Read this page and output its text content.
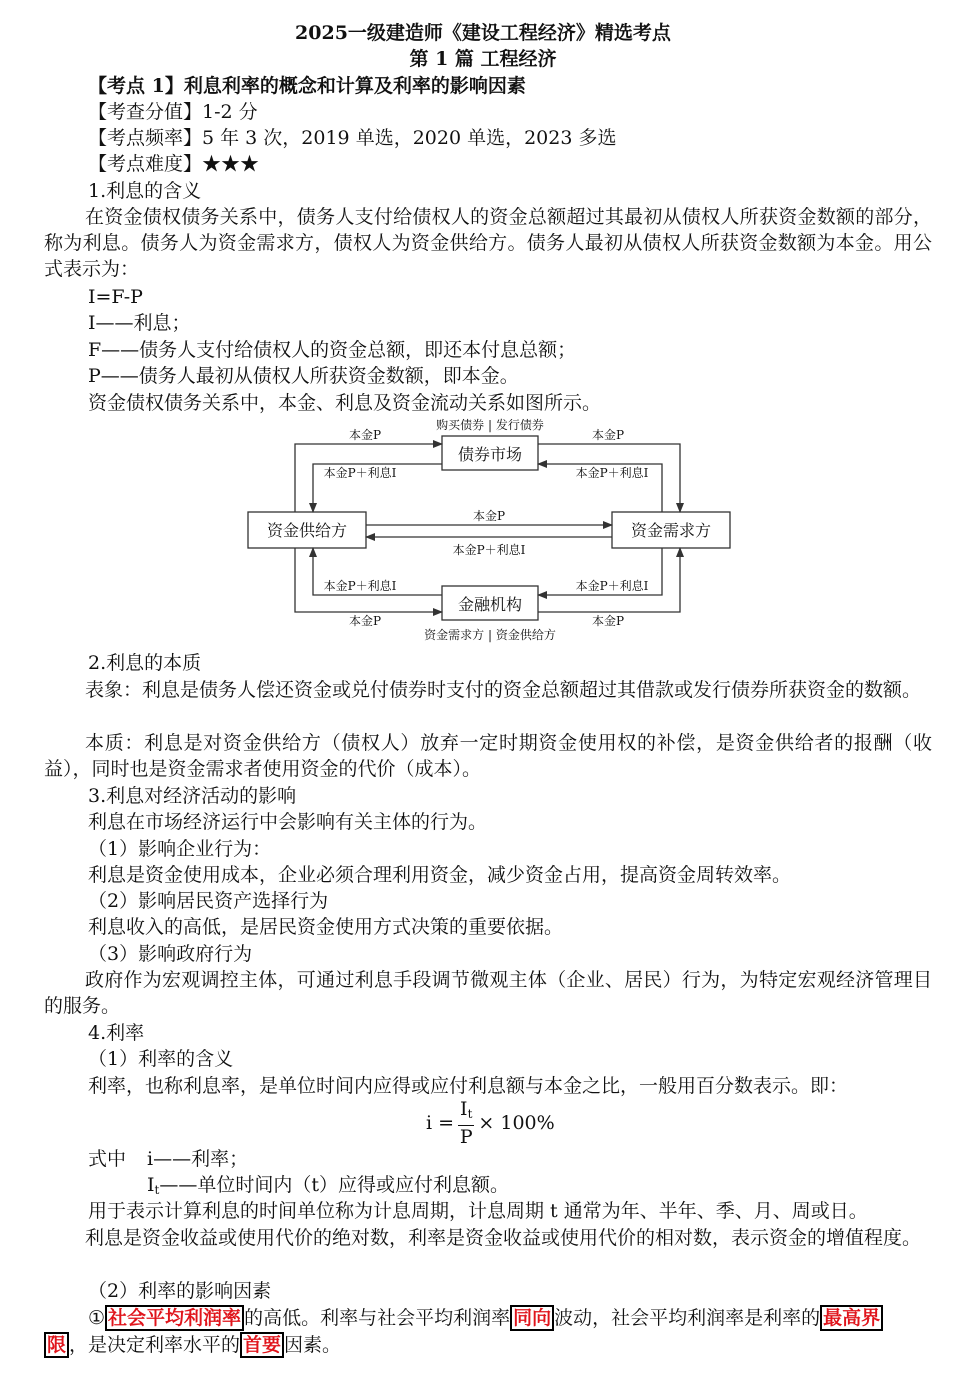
2025一级建造师《建设工程经济》精选考点
第 1 篇 工程经济
【考点 1】利息利率的概念和计算及利率的影响因素
【考查分值】1-2 分
【考点频率】5 年 3 次，2019 单选，2020 单选，2023 多选
【考点难度】★★★
1.利息的含义
在资金债权债务关系中，债务人支付给债权人的资金总额超过其最初从债权人所获资金数额的部分，称为利息。债务人为资金需求方，债权人为资金供给方。债务人最初从债权人所获资金数额为本金。用公式表示为：
I=F-P
I——利息；
F——债务人支付给债权人的资金总额，即还本付息总额；
P——债务人最初从债权人所获资金数额，即本金。
资金债权债务关系中，本金、利息及资金流动关系如图所示。
债券市场
资金供给方	资金需求方
金融机构
购买债券 | 发行债券
本金P
本金P＋利息I
本金P
本金P＋利息I
本金P
本金P＋利息I
本金P＋利息I
本金P
本金P＋利息I
本金P
资金需求方 | 资金供给方
2.利息的本质
表象：利息是债务人偿还资金或兑付债券时支付的资金总额超过其借款或发行债券所获资金的数额。
本质：利息是对资金供给方（债权人）放弃一定时期资金使用权的补偿，是资金供给者的报酬（收益），同时也是资金需求者使用资金的代价（成本）。
3.利息对经济活动的影响
利息在市场经济运行中会影响有关主体的行为。
（1）影响企业行为：
利息是资金使用成本，企业必须合理利用资金，减少资金占用，提高资金周转效率。
（2）影响居民资产选择行为
利息收入的高低，是居民资金使用方式决策的重要依据。
（3）影响政府行为
政府作为宏观调控主体，可通过利息手段调节微观主体（企业、居民）行为，为特定宏观经济管理目的服务。
4.利率
（1）利率的含义
利率，也称利息率，是单位时间内应得或应付利息额与本金之比，一般用百分数表示。即：
$i = \frac{I_t}{P} \times 100\%$
式中 i——利率；
$I_t——$单位时间内（t）应得或应付利息额。
用于表示计算利息的时间单位称为计息周期，计息周期 t 通常为年、半年、季、月、周或日。
利息是资金收益或使用代价的绝对数，利率是资金收益或使用代价的相对数，表示资金的增值程度。
（2）利率的影响因素
① 社会平均利润率 的高低。利率与社会平均利润率 同向 波动，社会平均利润率是利率的 最高界
限 ，是决定利率水平的 首要 因素。
